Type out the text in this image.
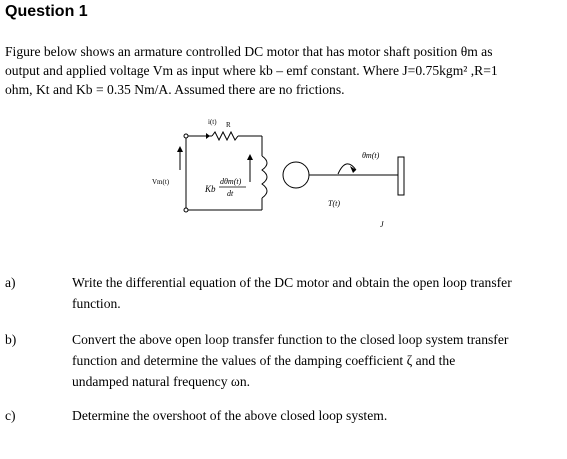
Question 1
Figure below shows an armature controlled DC motor that has motor shaft position θm as
output and applied voltage Vm as input where kb – emf constant. Where J=0.75kgm² ,R=1
ohm, Kt and Kb = 0.35 Nm/A. Assumed there are no frictions.
i(t) R
Vm(t)
Kb
dθm(t)
dt
θm(t)
T(t)
J
a)	Write the differential equation of the DC motor and obtain the open loop transfer
function.
b)	Convert the above open loop transfer function to the closed loop system transfer
function and determine the values of the damping coefficient ζ and the
undamped natural frequency ωn.
c)	Determine the overshoot of the above closed loop system.
